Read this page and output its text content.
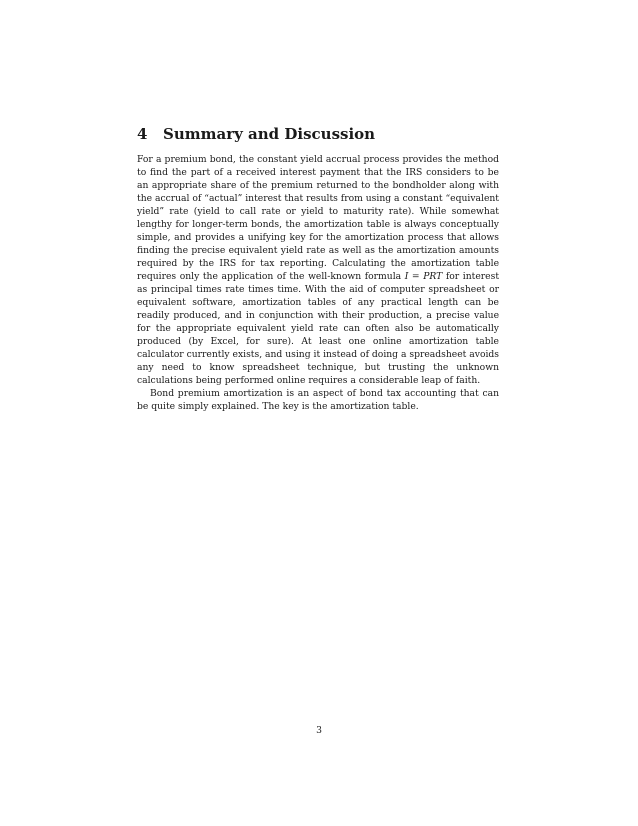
4 Summary and Discussion

For a premium bond, the constant yield accrual process provides the method to find the part of a received interest payment that the IRS considers to be an appropriate share of the premium returned to the bondholder along with the accrual of “actual” interest that results from using a constant “equivalent yield” rate (yield to call rate or yield to maturity rate). While somewhat lengthy for longer-term bonds, the amortization table is always conceptually simple, and provides a unifying key for the amortization process that allows finding the precise equivalent yield rate as well as the amortization amounts required by the IRS for tax reporting. Calculating the amortization table requires only the application of the well-known formula I = PRT for interest as principal times rate times time. With the aid of computer spreadsheet or equivalent software, amortization tables of any practical length can be readily produced, and in conjunction with their production, a precise value for the appropriate equivalent yield rate can often also be automatically produced (by Excel, for sure). At least one online amortization table calculator currently exists, and using it instead of doing a spreadsheet avoids any need to know spreadsheet technique, but trusting the unknown calculations being performed online requires a considerable leap of faith.

Bond premium amortization is an aspect of bond tax accounting that can be quite simply explained. The key is the amortization table.

3
